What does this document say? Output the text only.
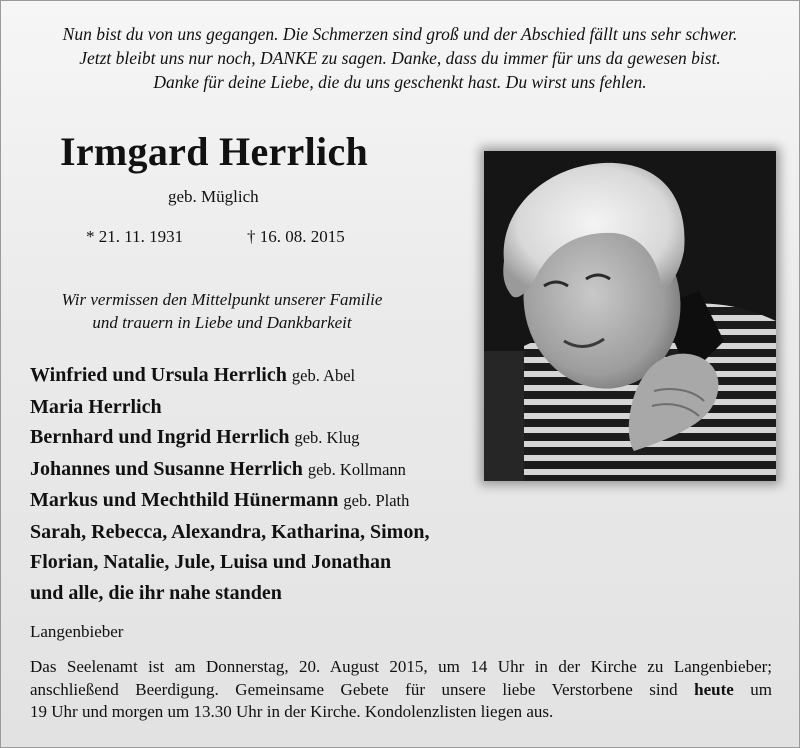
Nun bist du von uns gegangen. Die Schmerzen sind groß und der Abschied fällt uns sehr schwer.
Jetzt bleibt uns nur noch, DANKE zu sagen. Danke, dass du immer für uns da gewesen bist.
Danke für deine Liebe, die du uns geschenkt hast. Du wirst uns fehlen.
Irmgard Herrlich
geb. Müglich
* 21. 11. 1931	† 16. 08. 2015
Wir vermissen den Mittelpunkt unserer Familie
und trauern in Liebe und Dankbarkeit
Winfried und Ursula Herrlich geb. Abel
Maria Herrlich
Bernhard und Ingrid Herrlich geb. Klug
Johannes und Susanne Herrlich geb. Kollmann
Markus und Mechthild Hünermann geb. Plath
Sarah, Rebecca, Alexandra, Katharina, Simon,
Florian, Natalie, Jule, Luisa und Jonathan
und alle, die ihr nahe standen
Langenbieber
Das Seelenamt ist am Donnerstag, 20. August 2015, um 14 Uhr in der Kirche zu Langenbieber;
anschließend Beerdigung. Gemeinsame Gebete für unsere liebe Verstorbene sind heute um
19 Uhr und morgen um 13.30 Uhr in der Kirche. Kondolenzlisten liegen aus.
